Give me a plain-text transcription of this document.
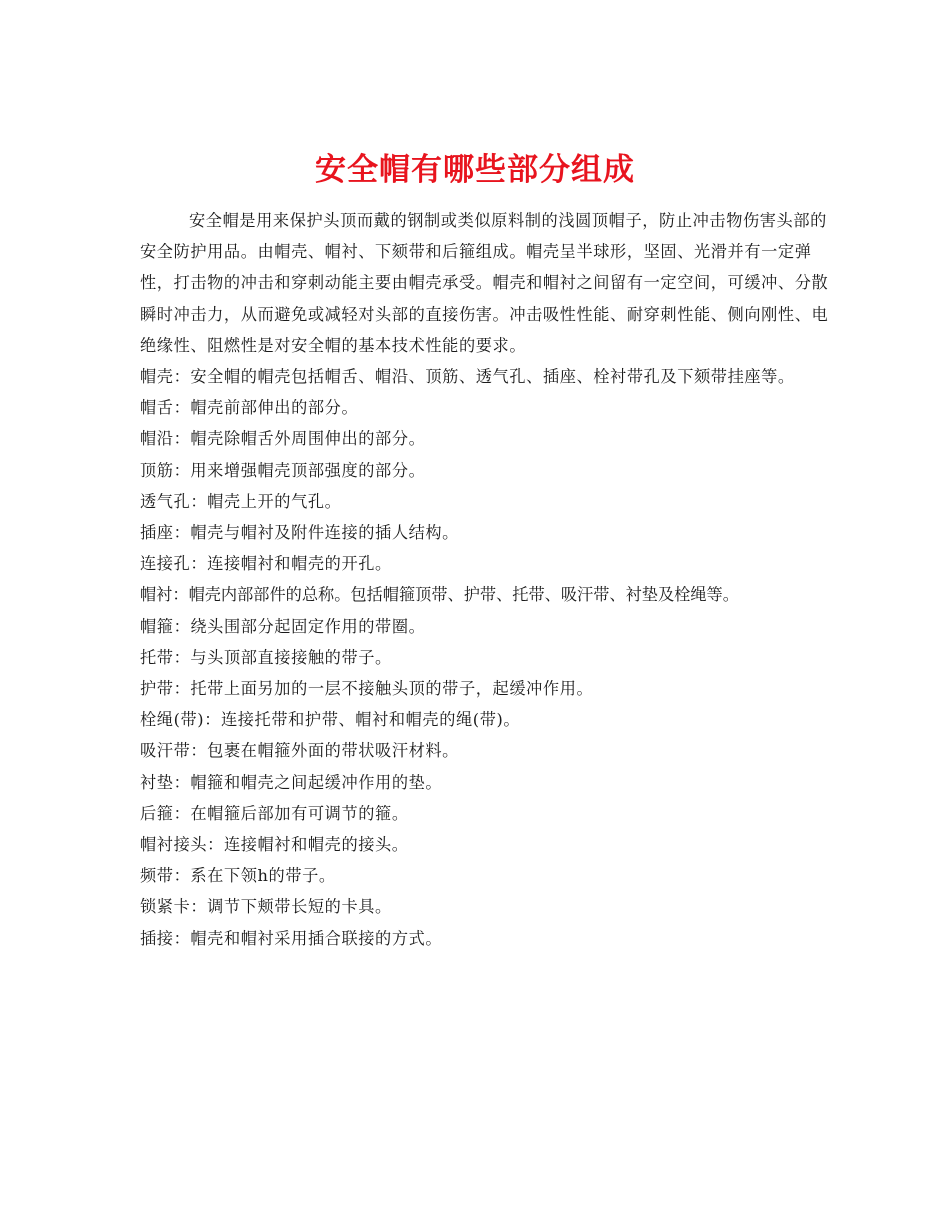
安全帽有哪些部分组成

安全帽是用来保护头顶而戴的钢制或类似原料制的浅圆顶帽子，防止冲击物伤害头部的安全防护用品。由帽壳、帽衬、下颏带和后箍组成。帽壳呈半球形，坚固、光滑并有一定弹性，打击物的冲击和穿刺动能主要由帽壳承受。帽壳和帽衬之间留有一定空间，可缓冲、分散瞬时冲击力，从而避免或减轻对头部的直接伤害。冲击吸性性能、耐穿刺性能、侧向刚性、电绝缘性、阻燃性是对安全帽的基本技术性能的要求。

帽壳：安全帽的帽壳包括帽舌、帽沿、顶筋、透气孔、插座、栓衬带孔及下颏带挂座等。

帽舌：帽壳前部伸出的部分。

帽沿：帽壳除帽舌外周围伸出的部分。

顶筋：用来增强帽壳顶部强度的部分。

透气孔：帽壳上开的气孔。

插座：帽壳与帽衬及附件连接的插人结构。

连接孔：连接帽衬和帽壳的开孔。

帽衬：帽壳内部部件的总称。包括帽箍顶带、护带、托带、吸汗带、衬垫及栓绳等。

帽箍：绕头围部分起固定作用的带圈。

托带：与头顶部直接接触的带子。

护带：托带上面另加的一层不接触头顶的带子，起缓冲作用。

栓绳(带)：连接托带和护带、帽衬和帽壳的绳(带)。

吸汗带：包裹在帽箍外面的带状吸汗材料。

衬垫：帽箍和帽壳之间起缓冲作用的垫。

后箍：在帽箍后部加有可调节的箍。

帽衬接头：连接帽衬和帽壳的接头。

频带：系在下领h的带子。

锁紧卡：调节下颊带长短的卡具。

插接：帽壳和帽衬采用插合联接的方式。
